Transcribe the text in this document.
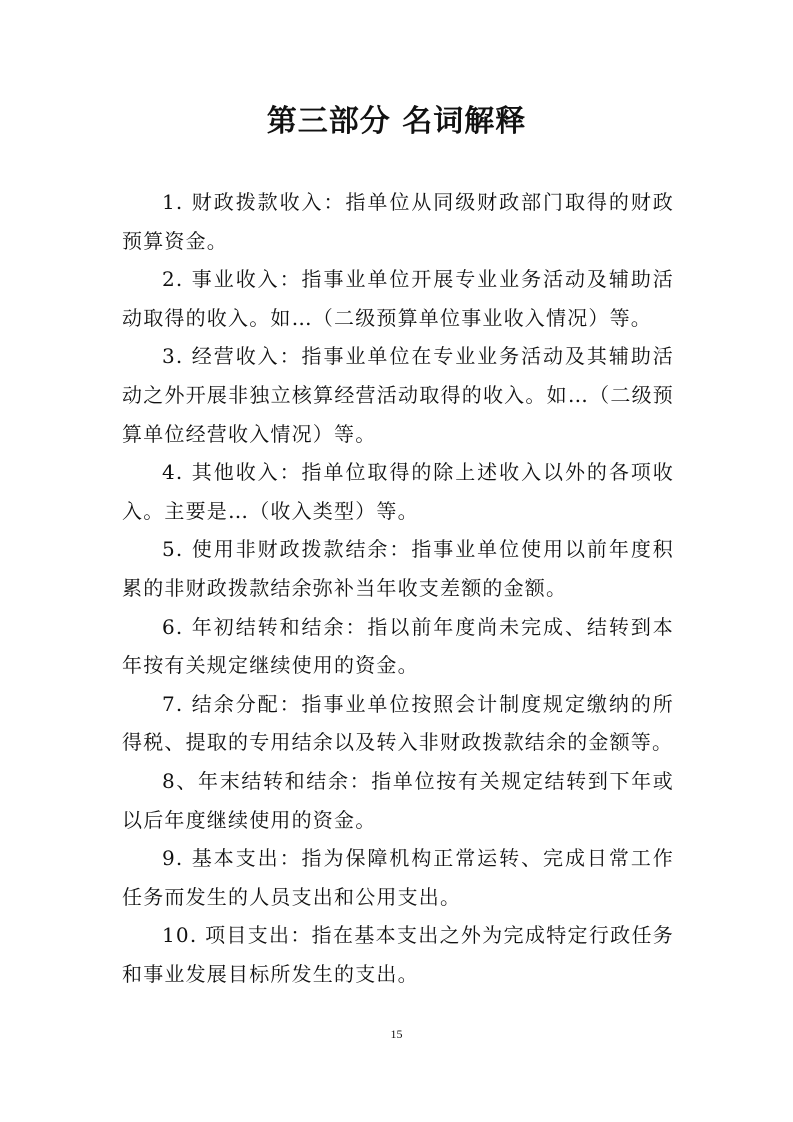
第三部分 名词解释

1. 财政拨款收入：指单位从同级财政部门取得的财政预算资金。

2. 事业收入：指事业单位开展专业业务活动及辅助活动取得的收入。如…（二级预算单位事业收入情况）等。

3. 经营收入：指事业单位在专业业务活动及其辅助活动之外开展非独立核算经营活动取得的收入。如…（二级预算单位经营收入情况）等。

4. 其他收入：指单位取得的除上述收入以外的各项收入。主要是…（收入类型）等。

5. 使用非财政拨款结余：指事业单位使用以前年度积累的非财政拨款结余弥补当年收支差额的金额。

6. 年初结转和结余：指以前年度尚未完成、结转到本年按有关规定继续使用的资金。

7. 结余分配：指事业单位按照会计制度规定缴纳的所得税、提取的专用结余以及转入非财政拨款结余的金额等。

8、年末结转和结余：指单位按有关规定结转到下年或以后年度继续使用的资金。

9. 基本支出：指为保障机构正常运转、完成日常工作任务而发生的人员支出和公用支出。

10. 项目支出：指在基本支出之外为完成特定行政任务和事业发展目标所发生的支出。

15
